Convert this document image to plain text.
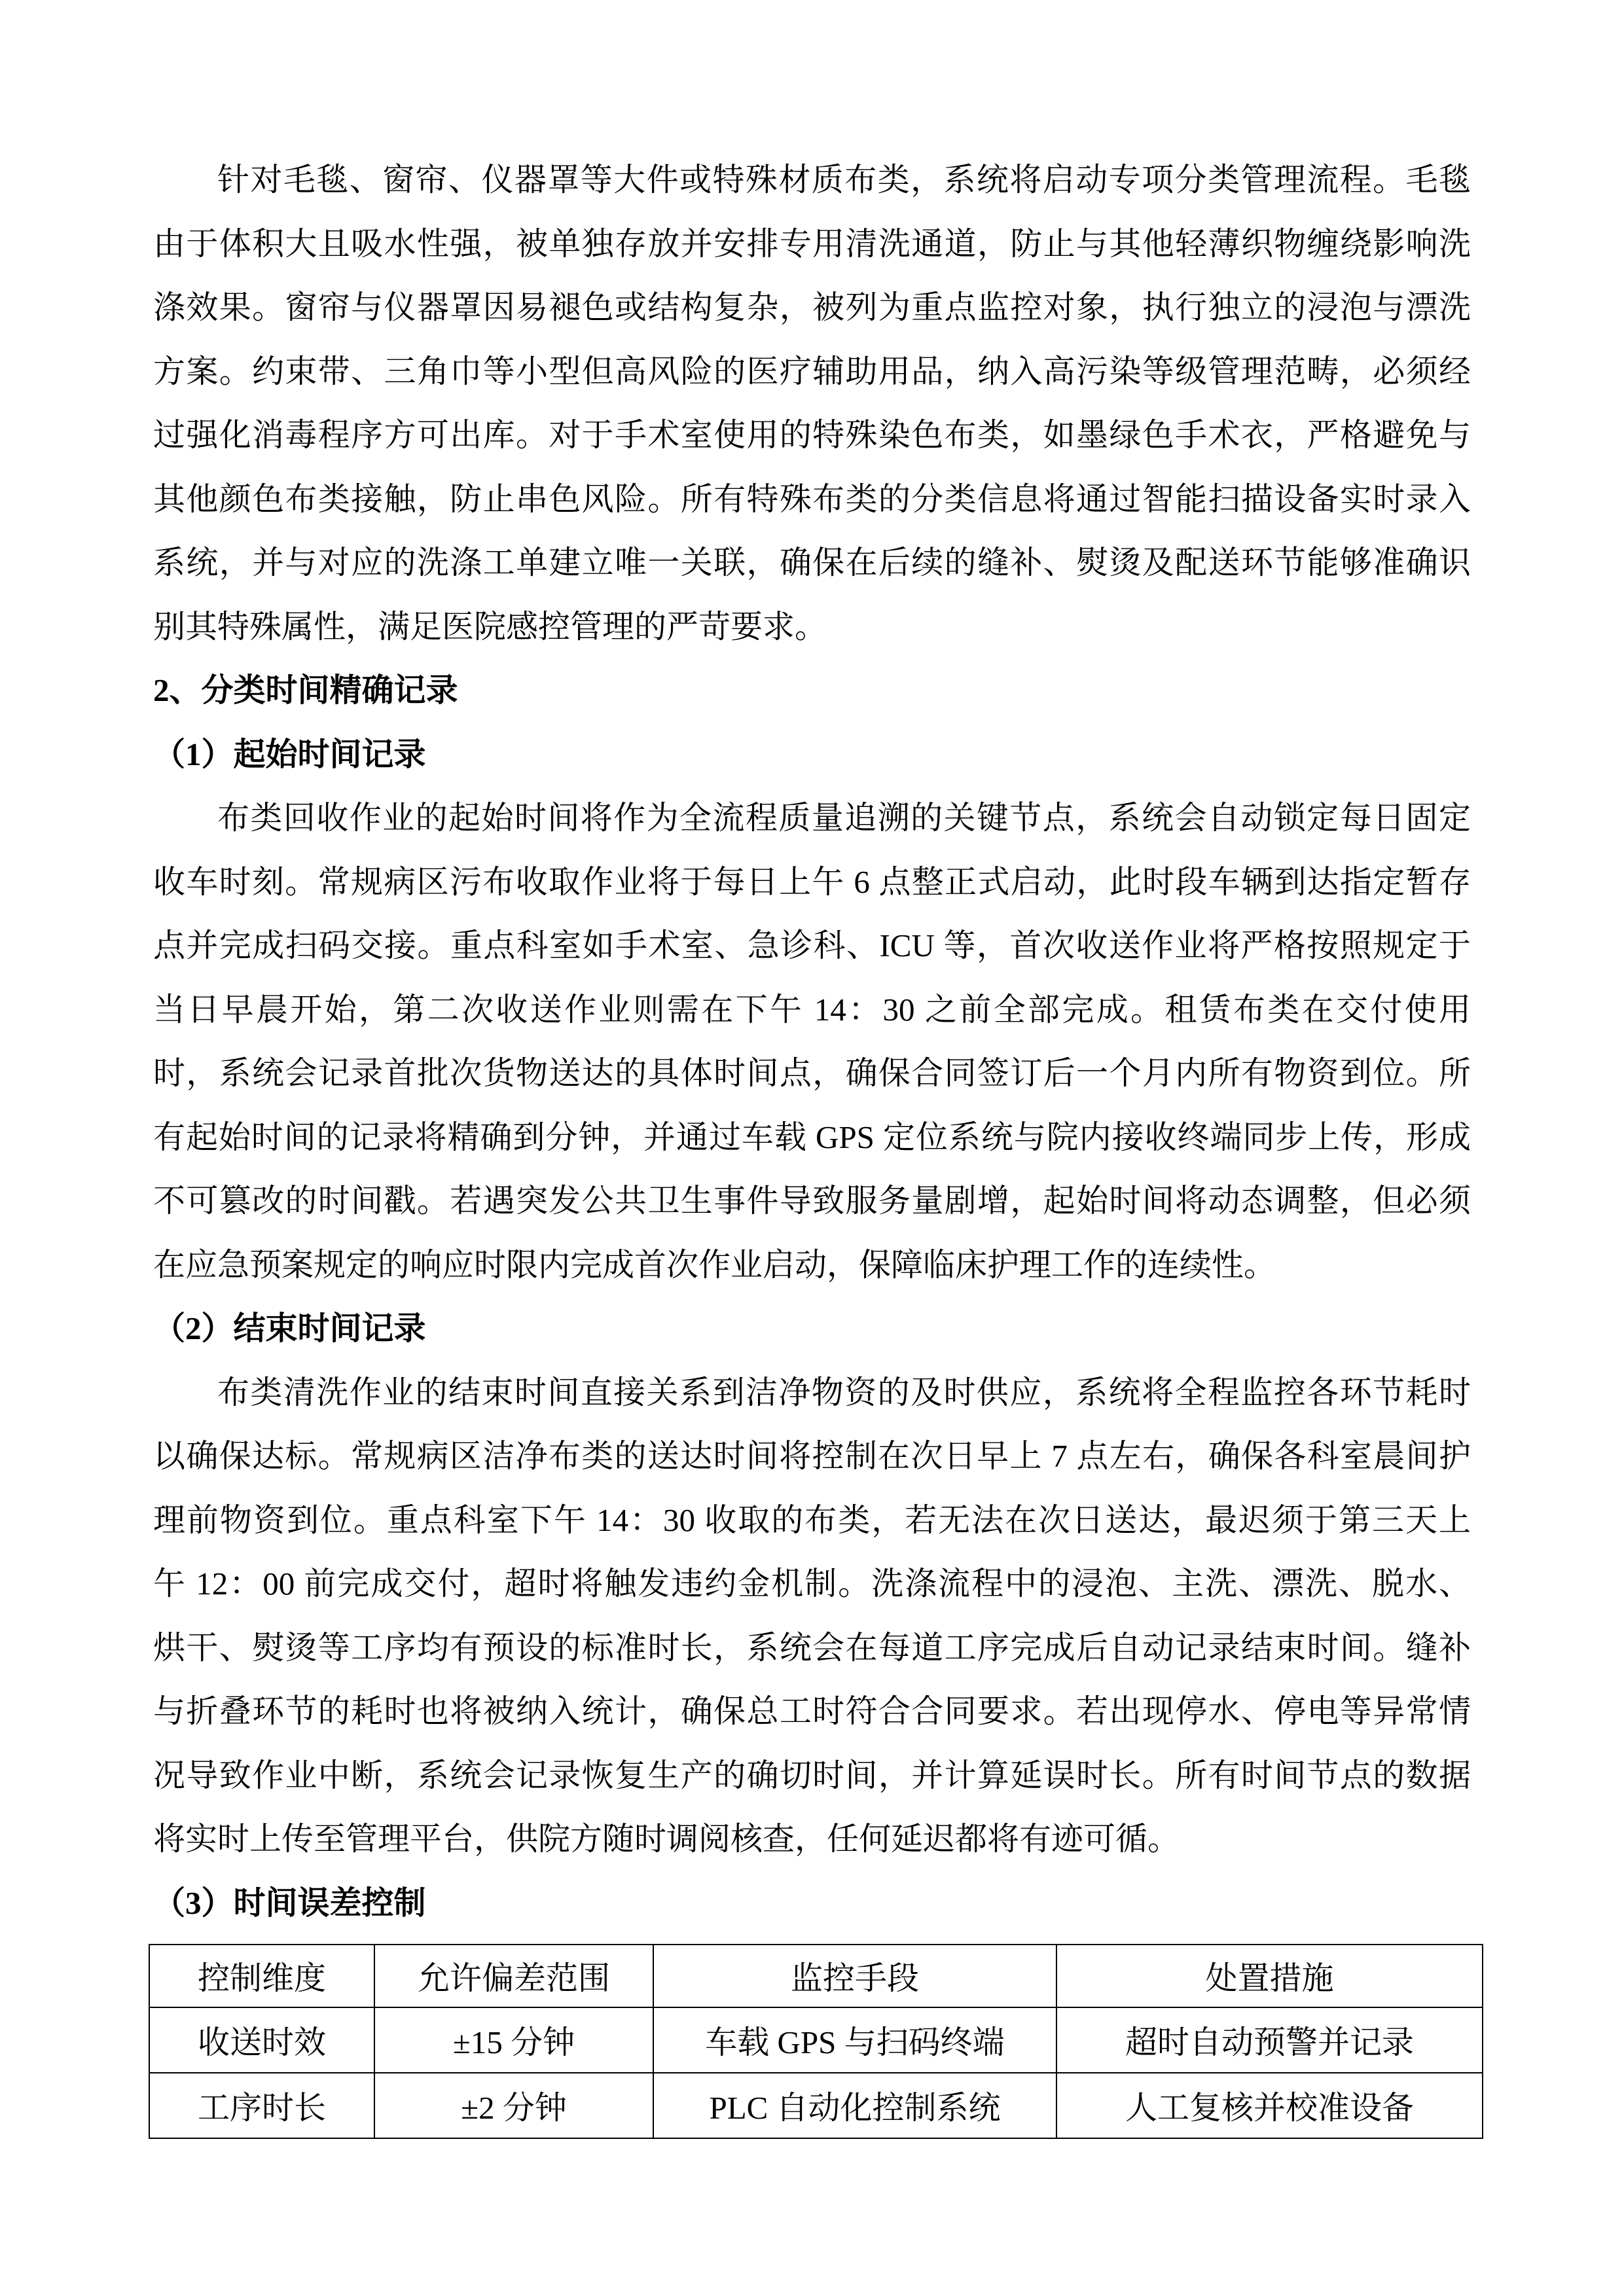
针对毛毯、窗帘、仪器罩等大件或特殊材质布类，系统将启动专项分类管理流程。毛毯
由于体积大且吸水性强，被单独存放并安排专用清洗通道，防止与其他轻薄织物缠绕影响洗
涤效果。窗帘与仪器罩因易褪色或结构复杂，被列为重点监控对象，执行独立的浸泡与漂洗
方案。约束带、三角巾等小型但高风险的医疗辅助用品，纳入高污染等级管理范畴，必须经
过强化消毒程序方可出库。对于手术室使用的特殊染色布类，如墨绿色手术衣，严格避免与
其他颜色布类接触，防止串色风险。所有特殊布类的分类信息将通过智能扫描设备实时录入
系统，并与对应的洗涤工单建立唯一关联，确保在后续的缝补、熨烫及配送环节能够准确识
别其特殊属性，满足医院感控管理的严苛要求。
2、分类时间精确记录
（1）起始时间记录
布类回收作业的起始时间将作为全流程质量追溯的关键节点，系统会自动锁定每日固定
收车时刻。常规病区污布收取作业将于每日上午 6 点整正式启动，此时段车辆到达指定暂存
点并完成扫码交接。重点科室如手术室、急诊科、ICU 等，首次收送作业将严格按照规定于
当日早晨开始，第二次收送作业则需在下午 14：30 之前全部完成。租赁布类在交付使用
时，系统会记录首批次货物送达的具体时间点，确保合同签订后一个月内所有物资到位。所
有起始时间的记录将精确到分钟，并通过车载 GPS 定位系统与院内接收终端同步上传，形成
不可篡改的时间戳。若遇突发公共卫生事件导致服务量剧增，起始时间将动态调整，但必须
在应急预案规定的响应时限内完成首次作业启动，保障临床护理工作的连续性。
（2）结束时间记录
布类清洗作业的结束时间直接关系到洁净物资的及时供应，系统将全程监控各环节耗时
以确保达标。常规病区洁净布类的送达时间将控制在次日早上 7 点左右，确保各科室晨间护
理前物资到位。重点科室下午 14：30 收取的布类，若无法在次日送达，最迟须于第三天上
午 12：00 前完成交付，超时将触发违约金机制。洗涤流程中的浸泡、主洗、漂洗、脱水、
烘干、熨烫等工序均有预设的标准时长，系统会在每道工序完成后自动记录结束时间。缝补
与折叠环节的耗时也将被纳入统计，确保总工时符合合同要求。若出现停水、停电等异常情
况导致作业中断，系统会记录恢复生产的确切时间，并计算延误时长。所有时间节点的数据
将实时上传至管理平台，供院方随时调阅核查，任何延迟都将有迹可循。
（3）时间误差控制
控制维度	允许偏差范围	监控手段	处置措施
收送时效	±15 分钟	车载 GPS 与扫码终端	超时自动预警并记录
工序时长	±2 分钟	PLC 自动化控制系统	人工复核并校准设备
